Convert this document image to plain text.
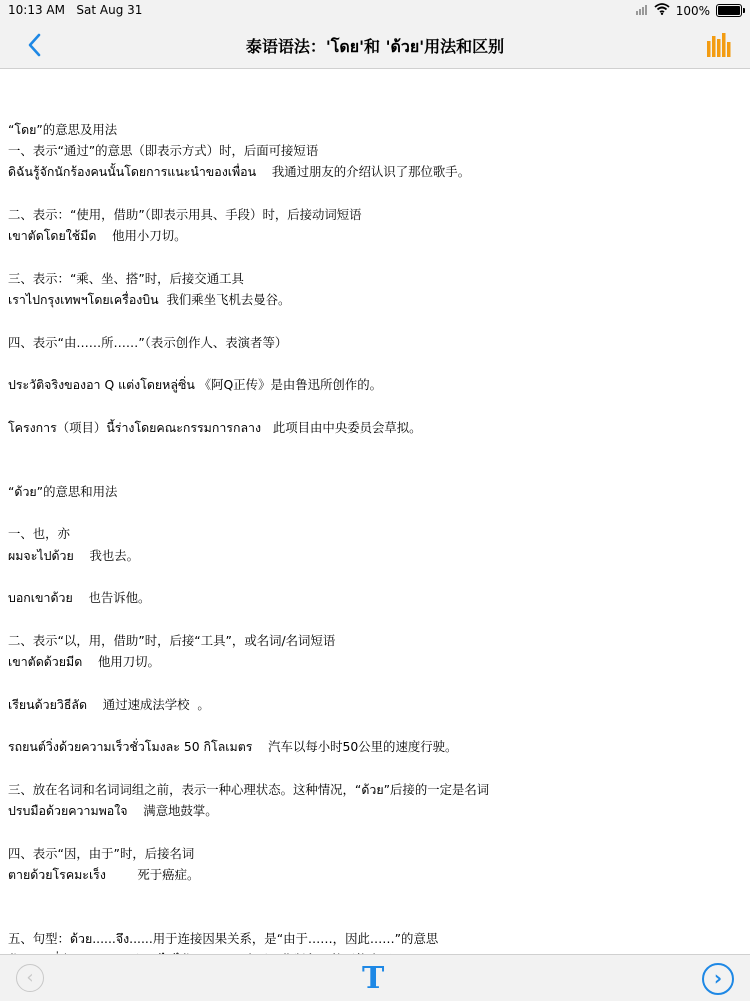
10:13 AM Sat Aug 31	100%
泰语语法：'โดย'和 'ด้วย'用法和区别

“โดย”的意思及用法
一、表示“通过”的意思（即表示方式）时，后面可接短语
ดิฉันรู้จักนักร้องคนนั้นโดยการแนะนำของเพื่อน    我通过朋友的介绍认识了那位歌手。
二、表示：“使用，借助”（即表示用具、手段）时，后接动词短语
เขาตัดโดยใช้มีด    他用小刀切。
三、表示：“乘、坐、搭”时，后接交通工具
เราไปกรุงเทพฯโดยเครื่องบิน  我们乘坐飞机去曼谷。
四、表示“由……所……”（表示创作人、表演者等）
ประวัติจริงของอา Q แต่งโดยหลู่ซิ่น 《阿Q正传》是由鲁迅所创作的。
โครงการ（项目）นี้ร่างโดยคณะกรรมการกลาง   此项目由中央委员会草拟。
“ด้วย”的意思和用法
一、也，亦
ผมจะไปด้วย    我也去。
บอกเขาด้วย    也告诉他。
二、表示“以，用，借助”时，后接“工具”，或名词/名词短语
เขาตัดด้วยมีด    他用刀切。
เรียนด้วยวิธีลัด    通过速成法学校  。
รถยนต์วิ่งด้วยความเร็วชั่วโมงละ 50 กิโลเมตร    汽车以每小时50公里的速度行驶。
三、放在名词和名词词组之前，表示一种心理状态。这种情况，“ด้วย”后接的一定是名词
ปรบมือด้วยความพอใจ    满意地鼓掌。
四、表示“因，由于”时，后接名词
ตายด้วยโรคมะเร็ง        死于癌症。
五、句型：ด้วย......จึง......用于连接因果关系，是“由于……，因此……”的意思

‹	T	›
